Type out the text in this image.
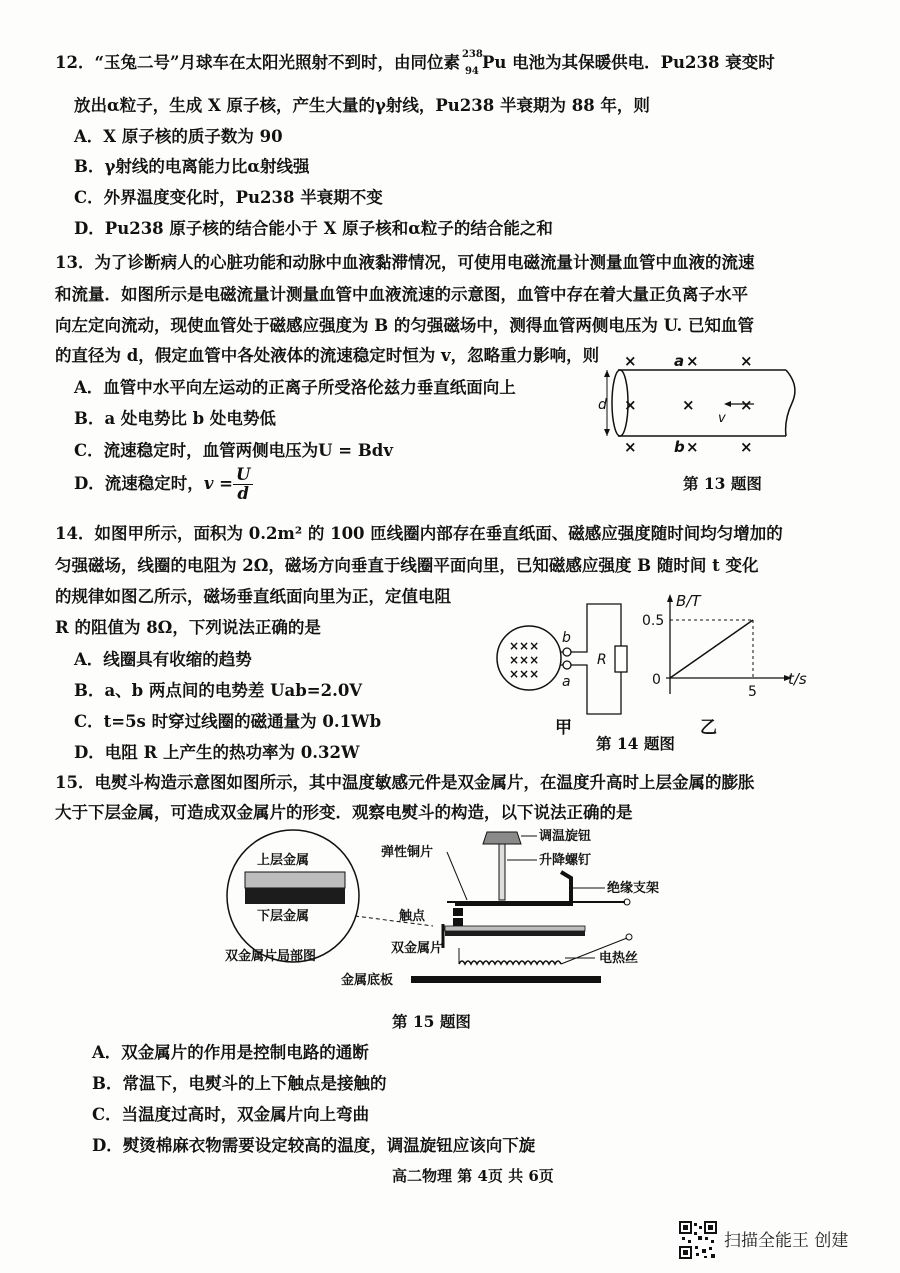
12．“玉兔二号”月球车在太阳光照射不到时，由同位素 238
94 Pu 电池为其保暖供电．Pu238 衰变时
放出α粒子，生成 X 原子核，产生大量的γ射线，Pu238 半衰期为 88 年，则
A．X 原子核的质子数为 90
B．γ射线的电离能力比α射线强
C．外界温度变化时，Pu238 半衰期不变
D．Pu238 原子核的结合能小于 X 原子核和α粒子的结合能之和
13．为了诊断病人的心脏功能和动脉中血液黏滞情况，可使用电磁流量计测量血管中血液的流速
和流量．如图所示是电磁流量计测量血管中血液流速的示意图，血管中存在着大量正负离子水平
向左定向流动，现使血管处于磁感应强度为 B 的匀强磁场中，测得血管两侧电压为 U. 已知血管
的直径为 d，假定血管中各处液体的流速稳定时恒为 v，忽略重力影响，则
A．血管中水平向左运动的正离子所受洛伦兹力垂直纸面向上
B．a 处电势比 b 处电势低
C．流速稳定时，血管两侧电压为U = Bdv
D．流速稳定时，$v = \frac{U}{d}$
× a ×	×
×	×	×
× b ×	×
d
v
第 13 题图
14．如图甲所示，面积为 0.2m² 的 100 匝线圈内部存在垂直纸面、磁感应强度随时间均匀增加的
匀强磁场，线圈的电阻为 2Ω，磁场方向垂直于线圈平面向里，已知磁感应强度 B 随时间 t 变化
的规律如图乙所示，磁场垂直纸面向里为正，定值电阻
R 的阻值为 8Ω，下列说法正确的是
A．线圈具有收缩的趋势
B．a、b 两点间的电势差 Uab=2.0V
C．t=5s 时穿过线圈的磁通量为 0.1Wb
D．电阻 R 上产生的热功率为 0.32W
×××
×××
×××
b
a
R
B/T
t/s
0.5
5
0
甲	乙
第 14 题图
15．电熨斗构造示意图如图所示，其中温度敏感元件是双金属片，在温度升高时上层金属的膨胀
大于下层金属，可造成双金属片的形变．观察电熨斗的构造，以下说法正确的是
上层金属
下层金属
双金属片局部图
调温旋钮
升降螺钉
绝缘支架
弹性铜片
触点
双金属片
电热丝
金属底板
第 15 题图
A．双金属片的作用是控制电路的通断
B．常温下，电熨斗的上下触点是接触的
C．当温度过高时，双金属片向上弯曲
D．熨烫棉麻衣物需要设定较高的温度，调温旋钮应该向下旋
高二物理 第 4页 共 6页
扫描全能王 创建
